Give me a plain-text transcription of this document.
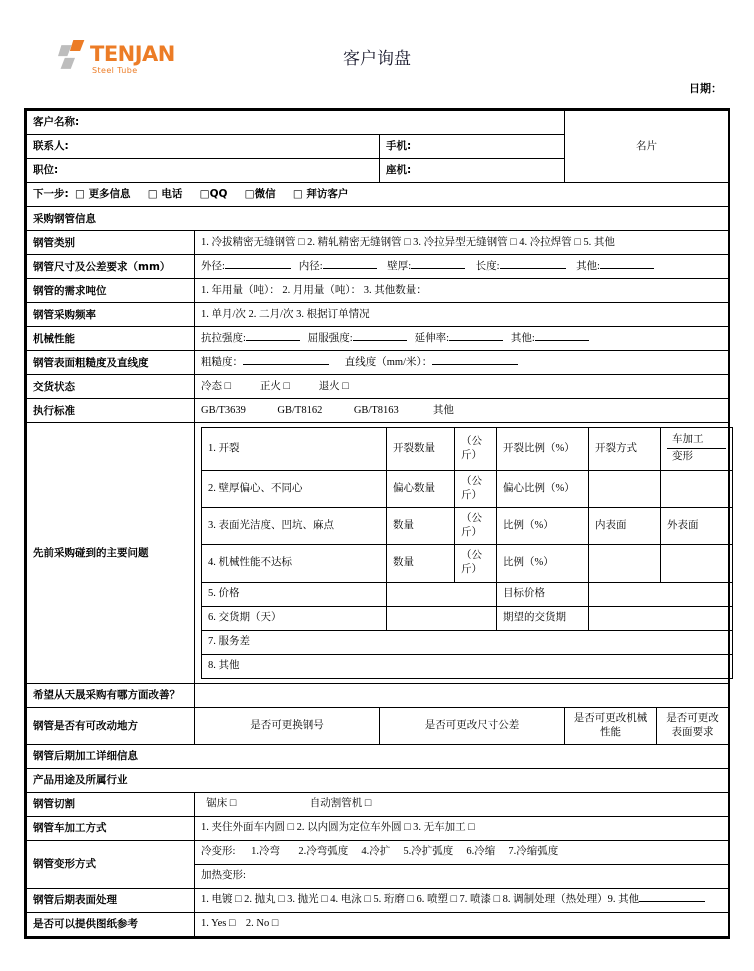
TENJAN
Steel Tube
客户询盘
日期：
客户名称:	名片
联系人:	手机:
职位:	座机:
下一步:  □ 更多信息     □ 电话     □QQ     □微信     □ 拜访客户
采购钢管信息
钢管类别	1. 冷拔精密无缝钢管 □ 2. 精轧精密无缝钢管 □ 3. 冷拉异型无缝钢管 □ 4. 冷拉焊管 □ 5. 其他
钢管尺寸及公差要求（mm）	外径:	内径:	壁厚:	长度:	其他:
钢管的需求吨位	1. 年用量（吨）： 2. 月用量（吨）： 3. 其他数量：
钢管采购频率	1. 单月/次 2. 二月/次 3. 根据订单情况
机械性能	抗拉强度:	屈服强度:	延伸率:	其他:
钢管表面粗糙度及直线度	粗糙度：	直线度（mm/米）：
交货状态	冷态 □	正火 □	退火 □
执行标准	GB/T3639	GB/T8162	GB/T8163	其他
先前采购碰到的主要问题	
1. 开裂	开裂数量	（公斤）	开裂比例（%）	开裂方式	
车加工
变形

2. 壁厚偏心、不同心	偏心数量	（公斤）	偏心比例（%）		
3. 表面光洁度、凹坑、麻点	数量	（公斤）	比例（%）	内表面	外表面
4. 机械性能不达标	数量	（公斤）	比例（%）		
5. 价格		目标价格	
6. 交货期（天）		期望的交货期	
7. 服务差
8. 其他

希望从天晟采购有哪方面改善？	
钢管是否有可改动地方	是否可更换钢号	是否可更改尺寸公差	是否可更改机械性能	是否可更改表面要求
钢管后期加工详细信息
产品用途及所属行业
钢管切割	锯床 □	自动割管机 □
钢管车加工方式	1. 夹住外面车内圆 □ 2. 以内圆为定位车外圆 □ 3. 无车加工 □
钢管变形方式	冷变形: 1.冷弯 2.冷弯弧度 4.冷扩 5.冷扩弧度 6.冷缩 7.冷缩弧度
加热变形:
钢管后期表面处理	1. 电镀 □ 2. 抛丸 □ 3. 抛光 □ 4. 电泳 □ 5. 珩磨 □ 6. 喷塑 □ 7. 喷漆 □ 8. 调制处理（热处理）9. 其他
是否可以提供图纸参考	1. Yes □ 2. No □
